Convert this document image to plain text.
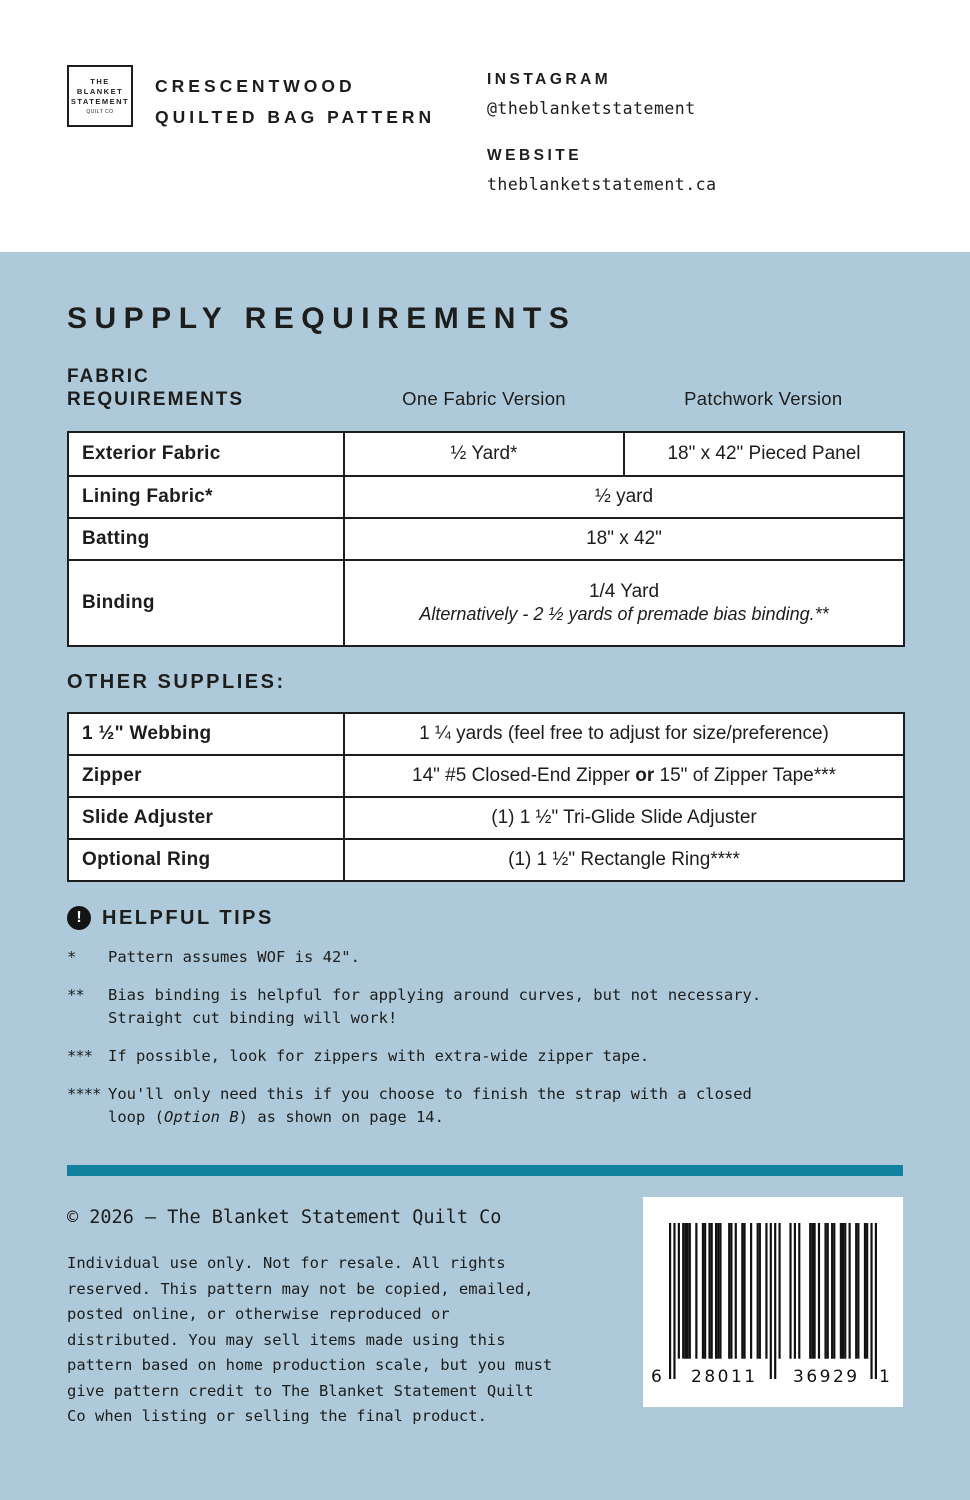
THE
BLANKET
STATEMENT
QUILT CO
CRESCENTWOOD
QUILTED BAG PATTERN
INSTAGRAM
@theblanketstatement
WEBSITE
theblanketstatement.ca
SUPPLY REQUIREMENTS
FABRIC
REQUIREMENTS	One Fabric Version	Patchwork Version
Exterior Fabric	½ Yard*	18" x 42" Pieced Panel
Lining Fabric*	½ yard	
Batting	18" x 42"	
Binding	1/4 Yard
Alternatively - 2 ½ yards of premade bias binding.**	
OTHER SUPPLIES:
1 ½" Webbing	1 ¼ yards (feel free to adjust for size/preference)
Zipper	14" #5 Closed-End Zipper or 15" of Zipper Tape***
Slide Adjuster	(1) 1 ½" Tri-Glide Slide Adjuster
Optional Ring	(1) 1 ½" Rectangle Ring****
!	HELPFUL TIPS
*	Pattern assumes WOF is 42".
**	Bias binding is helpful for applying around curves, but not necessary.
Straight cut binding will work!
***	If possible, look for zippers with extra-wide zipper tape.
**** You'll only need this if you choose to finish the strap with a closed
loop (Option B) as shown on page 14.
© 2026 – The Blanket Statement Quilt Co
Individual use only. Not for resale. All rights
reserved. This pattern may not be copied, emailed,
posted online, or otherwise reproduced or
distributed. You may sell items made using this
pattern based on home production scale, but you must
give pattern credit to The Blanket Statement Quilt
Co when listing or selling the final product.
6 28011 36929 1
